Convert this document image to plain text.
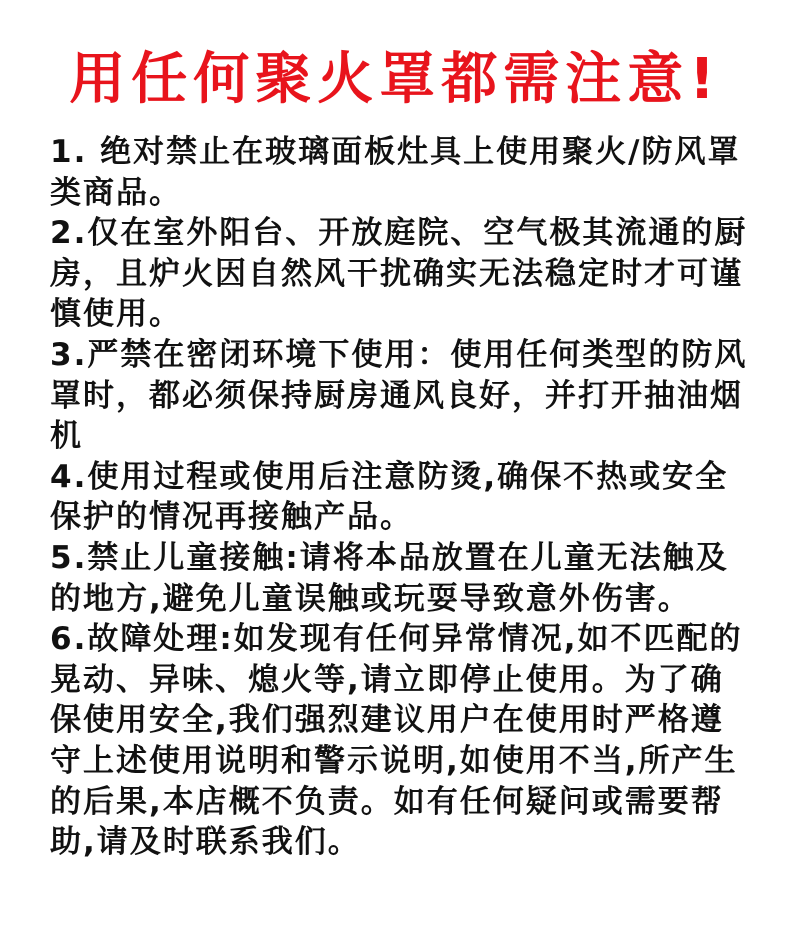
用任何聚火罩都需注意!

1. 绝对禁止在玻璃面板灶具上使用聚火/防风罩类商品。

2.仅在室外阳台、开放庭院、空气极其流通的厨房，且炉火因自然风干扰确实无法稳定时才可谨慎使用。

3.严禁在密闭环境下使用：使用任何类型的防风罩时，都必须保持厨房通风良好，并打开抽油烟机

4.使用过程或使用后注意防烫,确保不热或安全保护的情况再接触产品。

5.禁止儿童接触:请将本品放置在儿童无法触及的地方,避免儿童误触或玩耍导致意外伤害。

6.故障处理:如发现有任何异常情况,如不匹配的晃动、异味、熄火等,请立即停止使用。为了确保使用安全,我们强烈建议用户在使用时严格遵守上述使用说明和警示说明,如使用不当,所产生的后果,本店概不负责。如有任何疑问或需要帮助,请及时联系我们。
